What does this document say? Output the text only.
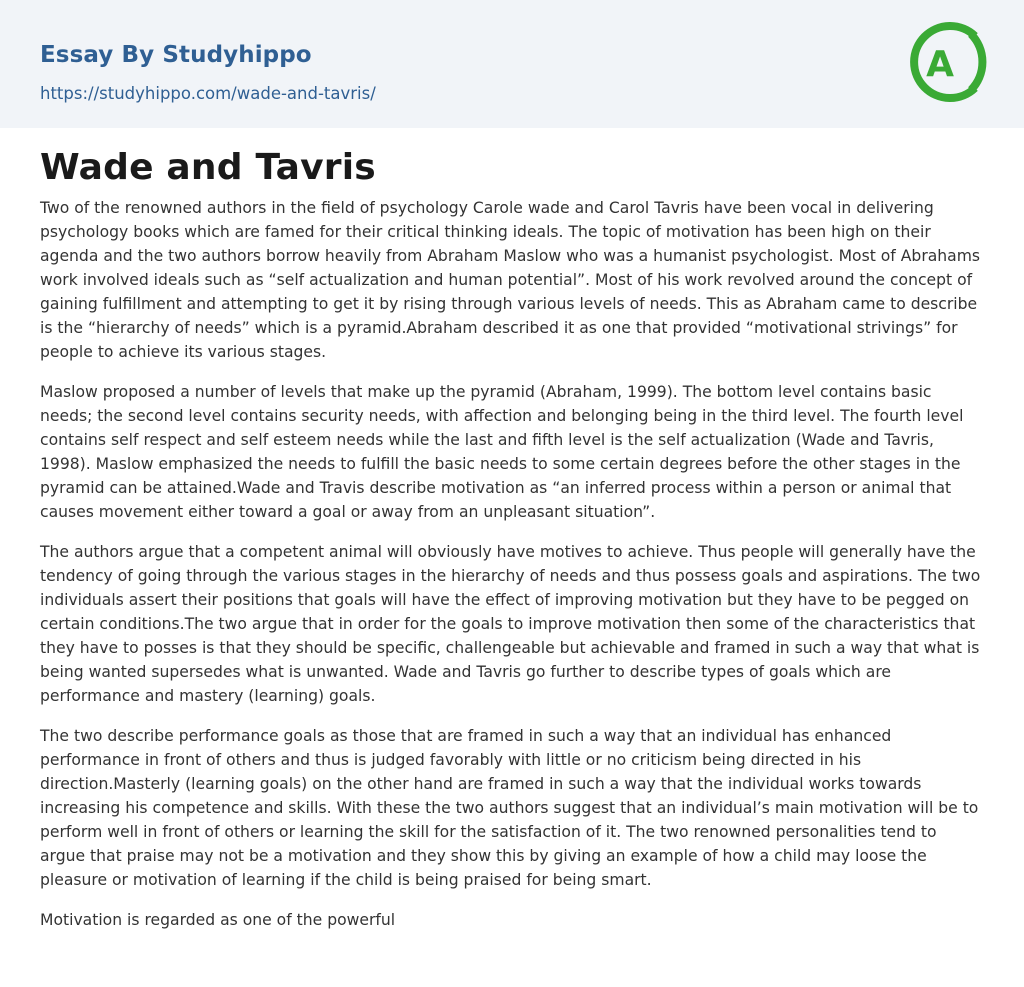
Essay By Studyhippo
https://studyhippo.com/wade-and-tavris/
A
Wade and Tavris

Two of the renowned authors in the field of psychology Carole wade and Carol Tavris have been vocal in delivering psychology books which are famed for their critical thinking ideals. The topic of motivation has been high on their agenda and the two authors borrow heavily from Abraham Maslow who was a humanist psychologist. Most of Abrahams work involved ideals such as “self actualization and human potential”. Most of his work revolved around the concept of gaining fulfillment and attempting to get it by rising through various levels of needs. This as Abraham came to describe is the “hierarchy of needs” which is a pyramid.Abraham described it as one that provided “motivational strivings” for people to achieve its various stages.

Maslow proposed a number of levels that make up the pyramid (Abraham, 1999). The bottom level contains basic needs; the second level contains security needs, with affection and belonging being in the third level. The fourth level contains self respect and self esteem needs while the last and fifth level is the self actualization (Wade and Tavris, 1998). Maslow emphasized the needs to fulfill the basic needs to some certain degrees before the other stages in the pyramid can be attained.Wade and Travis describe motivation as “an inferred process within a person or animal that causes movement either toward a goal or away from an unpleasant situation”.

The authors argue that a competent animal will obviously have motives to achieve. Thus people will generally have the tendency of going through the various stages in the hierarchy of needs and thus possess goals and aspirations. The two individuals assert their positions that goals will have the effect of improving motivation but they have to be pegged on certain conditions.The two argue that in order for the goals to improve motivation then some of the characteristics that they have to posses is that they should be specific, challengeable but achievable and framed in such a way that what is being wanted supersedes what is unwanted. Wade and Tavris go further to describe types of goals which are performance and mastery (learning) goals.

The two describe performance goals as those that are framed in such a way that an individual has enhanced performance in front of others and thus is judged favorably with little or no criticism being directed in his direction.Masterly (learning goals) on the other hand are framed in such a way that the individual works towards increasing his competence and skills. With these the two authors suggest that an individual’s main motivation will be to perform well in front of others or learning the skill for the satisfaction of it. The two renowned personalities tend to argue that praise may not be a motivation and they show this by giving an example of how a child may loose the pleasure or motivation of learning if the child is being praised for being smart.

Motivation is regarded as one of the powerful
